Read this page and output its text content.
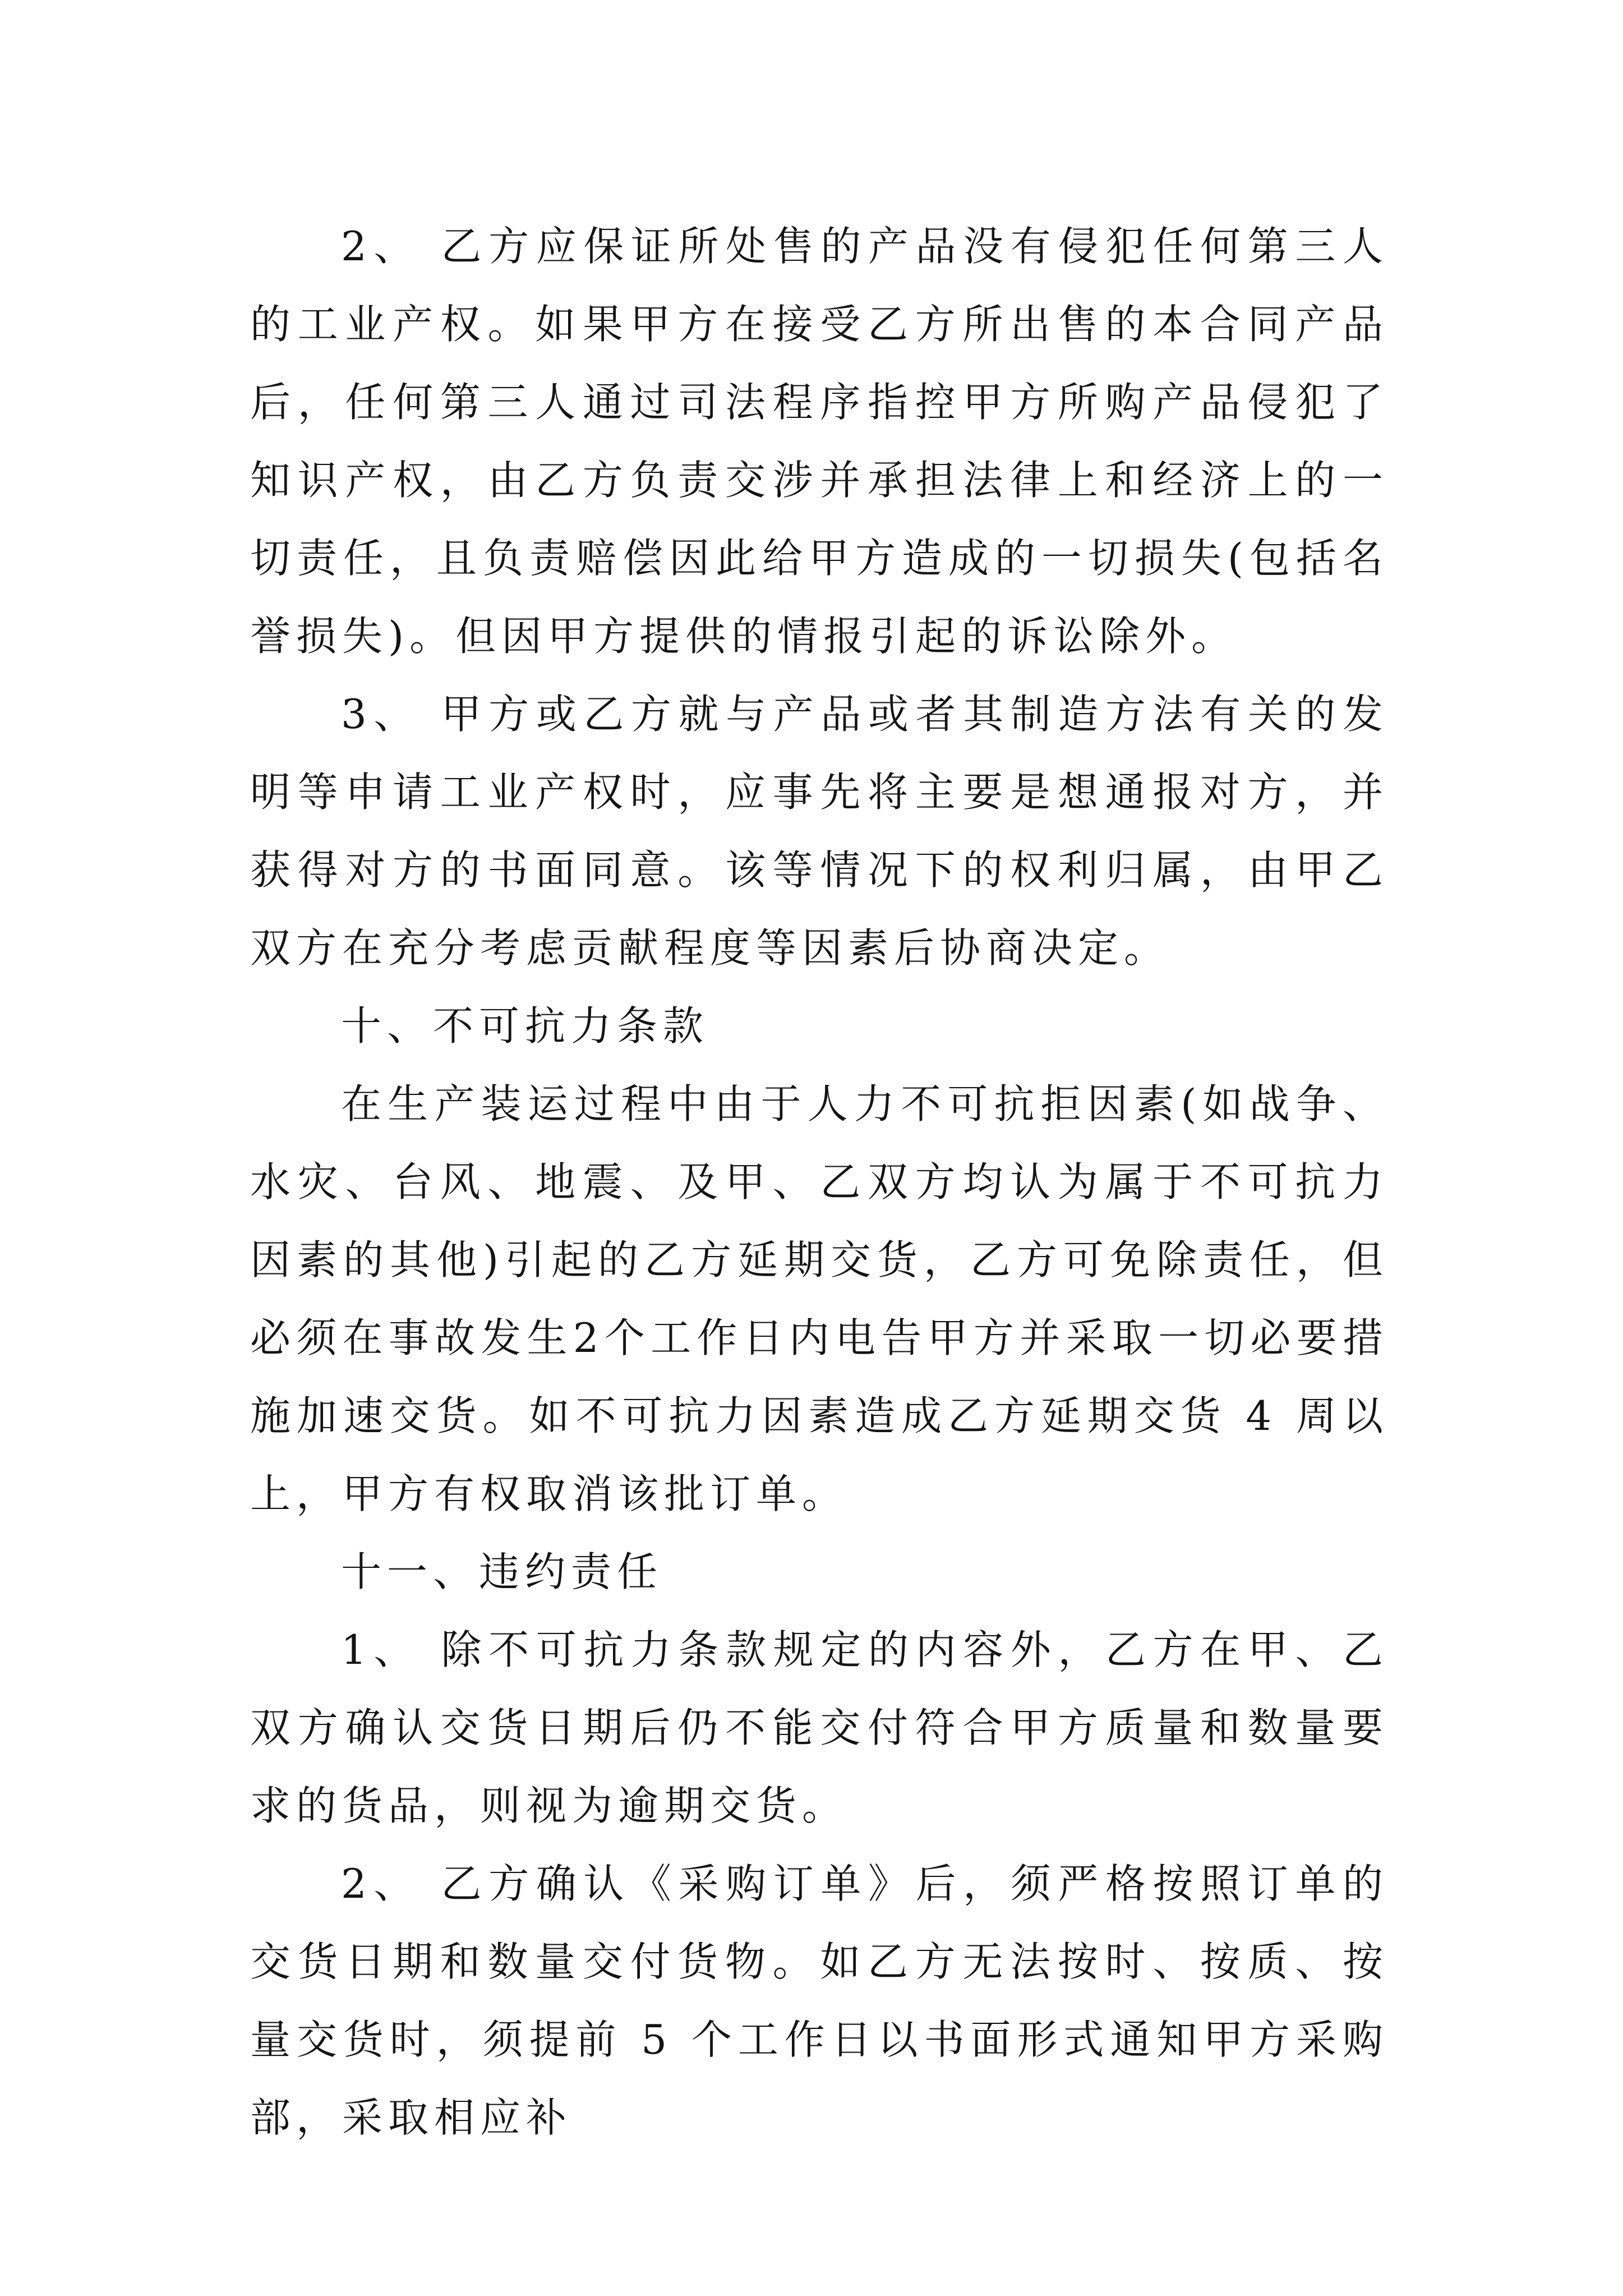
2、 乙方应保证所处售的产品没有侵犯任何第三人的工业产权。如果甲方在接受乙方所出售的本合同产品后，任何第三人通过司法程序指控甲方所购产品侵犯了知识产权，由乙方负责交涉并承担法律上和经济上的一切责任，且负责赔偿因此给甲方造成的一切损失(包括名誉损失)。但因甲方提供的情报引起的诉讼除外。

3、 甲方或乙方就与产品或者其制造方法有关的发明等申请工业产权时，应事先将主要是想通报对方，并获得对方的书面同意。该等情况下的权利归属，由甲乙双方在充分考虑贡献程度等因素后协商决定。

十、不可抗力条款

在生产装运过程中由于人力不可抗拒因素(如战争、水灾、台风、地震、及甲、乙双方均认为属于不可抗力因素的其他)引起的乙方延期交货，乙方可免除责任，但必须在事故发生2个工作日内电告甲方并采取一切必要措施加速交货。如不可抗力因素造成乙方延期交货 4 周以上，甲方有权取消该批订单。

十一、违约责任

1、 除不可抗力条款规定的内容外，乙方在甲、乙双方确认交货日期后仍不能交付符合甲方质量和数量要求的货品，则视为逾期交货。

2、 乙方确认《采购订单》后，须严格按照订单的交货日期和数量交付货物。如乙方无法按时、按质、按量交货时，须提前 5 个工作日以书面形式通知甲方采购部，采取相应补
